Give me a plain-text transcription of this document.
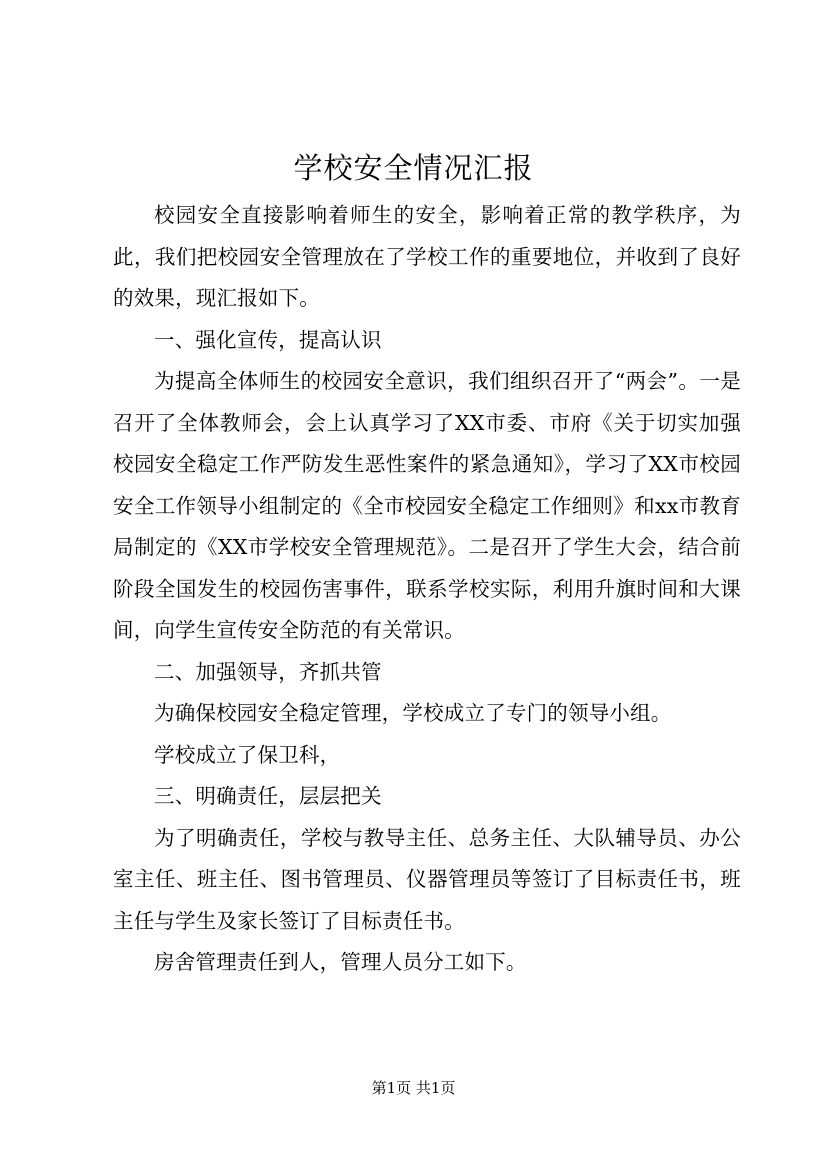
学校安全情况汇报

校园安全直接影响着师生的安全，影响着正常的教学秩序，为此，我们把校园安全管理放在了学校工作的重要地位，并收到了良好的效果，现汇报如下。

一、强化宣传，提高认识

为提高全体师生的校园安全意识，我们组织召开了“两会”。一是召开了全体教师会，会上认真学习了XX市委、市府《关于切实加强校园安全稳定工作严防发生恶性案件的紧急通知》，学习了XX市校园安全工作领导小组制定的《全市校园安全稳定工作细则》和xx市教育局制定的《XX市学校安全管理规范》。二是召开了学生大会，结合前阶段全国发生的校园伤害事件，联系学校实际，利用升旗时间和大课间，向学生宣传安全防范的有关常识。

二、加强领导，齐抓共管

为确保校园安全稳定管理，学校成立了专门的领导小组。

学校成立了保卫科，

三、明确责任，层层把关

为了明确责任，学校与教导主任、总务主任、大队辅导员、办公室主任、班主任、图书管理员、仪器管理员等签订了目标责任书，班主任与学生及家长签订了目标责任书。

房舍管理责任到人，管理人员分工如下。

第1页 共1页
